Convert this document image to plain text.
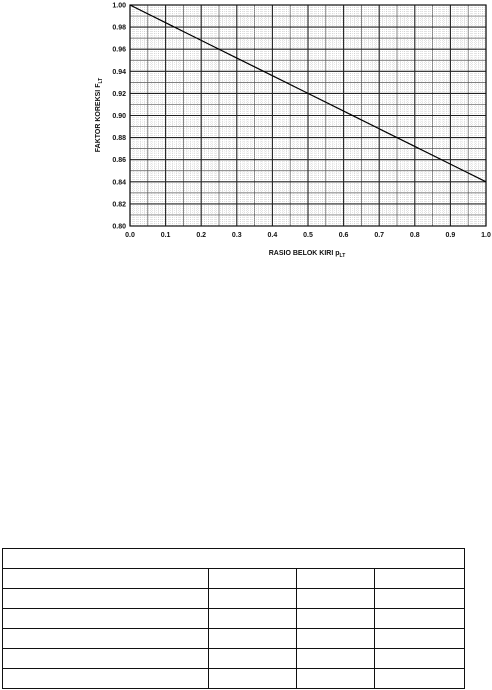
0.0	0.1	0.2	0.3	0.4	0.5	0.6	0.7	0.8	0.9	1.0
0.80
0.82
0.84
0.86
0.88
0.90
0.92
0.94
0.96
0.98
1.00
RASIO BELOK KIRI $p_{LT}$
FAKTOR KOREKSI $F_{LT}$
